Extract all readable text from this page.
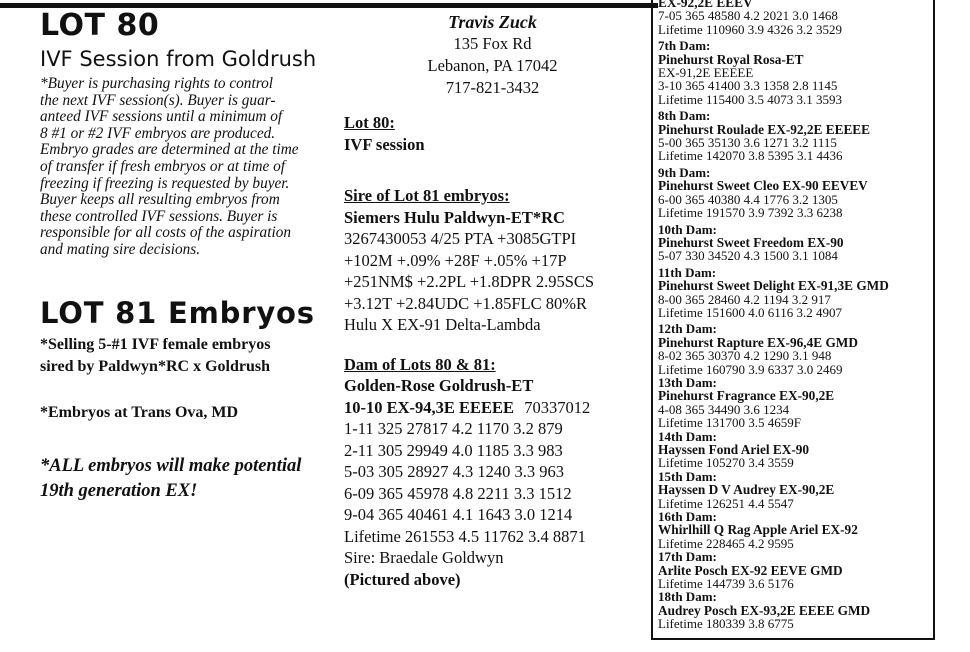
LOT 80
IVF Session from Goldrush
*Buyer is purchasing rights to control
the next IVF session(s). Buyer is guar-
anteed IVF sessions until a minimum of
8 #1 or #2 IVF embryos are produced.
Embryo grades are determined at the time
of transfer if fresh embryos or at time of
freezing if freezing is requested by buyer.
Buyer keeps all resulting embryos from
these controlled IVF sessions. Buyer is
responsible for all costs of the aspiration
and mating sire decisions.
LOT 81 Embryos
*Selling 5-#1 IVF female embryos
sired by Paldwyn*RC x Goldrush
*Embryos at Trans Ova, MD
*ALL embryos will make potential
19th generation EX!
Travis Zuck
135 Fox Rd
Lebanon, PA 17042
717-821-3432
Lot 80:
IVF session
Sire of Lot 81 embryos:
Siemers Hulu Paldwyn-ET*RC
3267430053 4/25 PTA +3085GTPI
+102M +.09% +28F +.05% +17P
+251NM$ +2.2PL +1.8DPR 2.95SCS
+3.12T +2.84UDC +1.85FLC 80%R
Hulu X EX-91 Delta-Lambda
Dam of Lots 80 & 81:
Golden-Rose Goldrush-ET
10-10 EX-94,3E EEEEE 70337012
1-11 325 27817 4.2 1170 3.2 879
2-11 305 29949 4.0 1185 3.3 983
5-03 305 28927 4.3 1240 3.3 963
6-09 365 45978 4.8 2211 3.3 1512
9-04 365 40461 4.1 1643 3.0 1214
Lifetime 261553 4.5 11762 3.4 8871
Sire: Braedale Goldwyn
(Pictured above)
EX-92,2E EEEV
7-05 365 48580 4.2 2021 3.0 1468
Lifetime 110960 3.9 4326 3.2 3529
7th Dam:
Pinehurst Royal Rosa-ET
EX-91,2E EEEEE
3-10 365 41400 3.3 1358 2.8 1145
Lifetime 115400 3.5 4073 3.1 3593
8th Dam:
Pinehurst Roulade EX-92,2E EEEEE
5-00 365 35130 3.6 1271 3.2 1115
Lifetime 142070 3.8 5395 3.1 4436
9th Dam:
Pinehurst Sweet Cleo EX-90 EEVEV
6-00 365 40380 4.4 1776 3.2 1305
Lifetime 191570 3.9 7392 3.3 6238
10th Dam:
Pinehurst Sweet Freedom EX-90
5-07 330 34520 4.3 1500 3.1 1084
11th Dam:
Pinehurst Sweet Delight EX-91,3E GMD
8-00 365 28460 4.2 1194 3.2 917
Lifetime 151600 4.0 6116 3.2 4907
12th Dam:
Pinehurst Rapture EX-96,4E GMD
8-02 365 30370 4.2 1290 3.1 948
Lifetime 160790 3.9 6337 3.0 2469
13th Dam:
Pinehurst Fragrance EX-90,2E
4-08 365 34490 3.6 1234
Lifetime 131700 3.5 4659F
14th Dam:
Hayssen Fond Ariel EX-90
Lifetime 105270 3.4 3559
15th Dam:
Hayssen D V Audrey EX-90,2E
Lifetime 126251 4.4 5547
16th Dam:
Whirlhill Q Rag Apple Ariel EX-92
Lifetime 228465 4.2 9595
17th Dam:
Arlite Posch EX-92 EEVE GMD
Lifetime 144739 3.6 5176
18th Dam:
Audrey Posch EX-93,2E EEEE GMD
Lifetime 180339 3.8 6775
